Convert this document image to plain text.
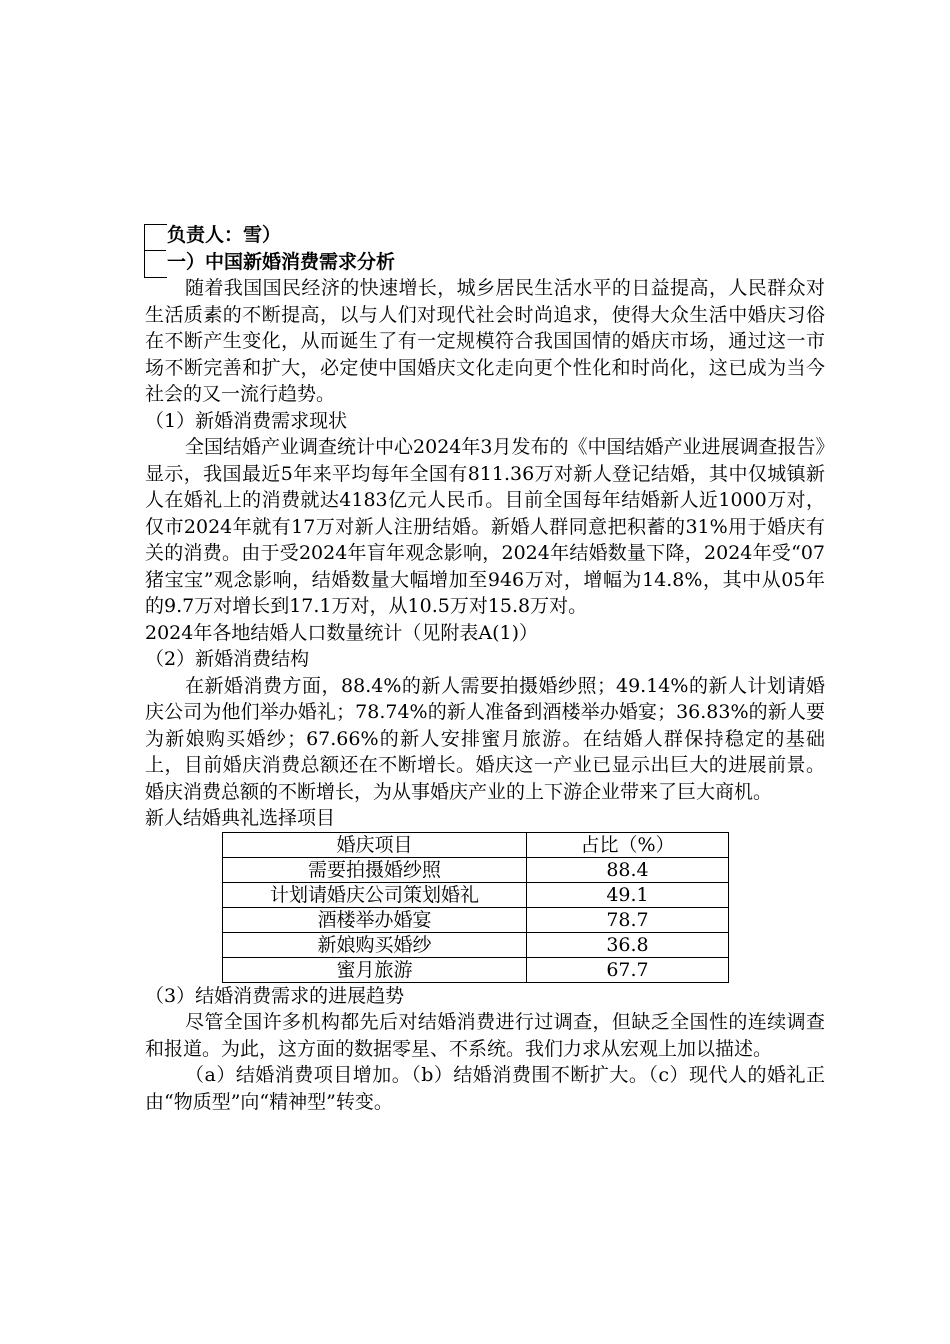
负责人：雪）
一）中国新婚消费需求分析
随着我国国民经济的快速增长，城乡居民生活水平的日益提高，人民群众对生活质素的不断提高，以与人们对现代社会时尚追求，使得大众生活中婚庆习俗在不断产生变化，从而诞生了有一定规模符合我国国情的婚庆市场，通过这一市场不断完善和扩大，必定使中国婚庆文化走向更个性化和时尚化，这已成为当今社会的又一流行趋势。
（1）新婚消费需求现状
全国结婚产业调查统计中心2024年3月发布的《中国结婚产业进展调查报告》显示，我国最近5年来平均每年全国有811.36万对新人登记结婚，其中仅城镇新人在婚礼上的消费就达4183亿元人民币。目前全国每年结婚新人近1000万对，仅市2024年就有17万对新人注册结婚。新婚人群同意把积蓄的31%用于婚庆有关的消费。由于受2024年盲年观念影响，2024年结婚数量下降，2024年受“07猪宝宝”观念影响，结婚数量大幅增加至946万对，增幅为14.8%，其中从05年的9.7万对增长到17.1万对，从10.5万对15.8万对。
2024年各地结婚人口数量统计（见附表A(1)）
（2）新婚消费结构
在新婚消费方面，88.4%的新人需要拍摄婚纱照；49.14%的新人计划请婚庆公司为他们举办婚礼；78.74%的新人准备到酒楼举办婚宴；36.83%的新人要为新娘购买婚纱；67.66%的新人安排蜜月旅游。在结婚人群保持稳定的基础上，目前婚庆消费总额还在不断增长。婚庆这一产业已显示出巨大的进展前景。婚庆消费总额的不断增长，为从事婚庆产业的上下游企业带来了巨大商机。
新人结婚典礼选择项目
婚庆项目	占比（%）
需要拍摄婚纱照	88.4
计划请婚庆公司策划婚礼	49.1
酒楼举办婚宴	78.7
新娘购买婚纱	36.8
蜜月旅游	67.7
（3）结婚消费需求的进展趋势
尽管全国许多机构都先后对结婚消费进行过调查，但缺乏全国性的连续调查和报道。为此，这方面的数据零星、不系统。我们力求从宏观上加以描述。
（a）结婚消费项目增加。（b）结婚消费围不断扩大。（c）现代人的婚礼正由“物质型”向“精神型”转变。
